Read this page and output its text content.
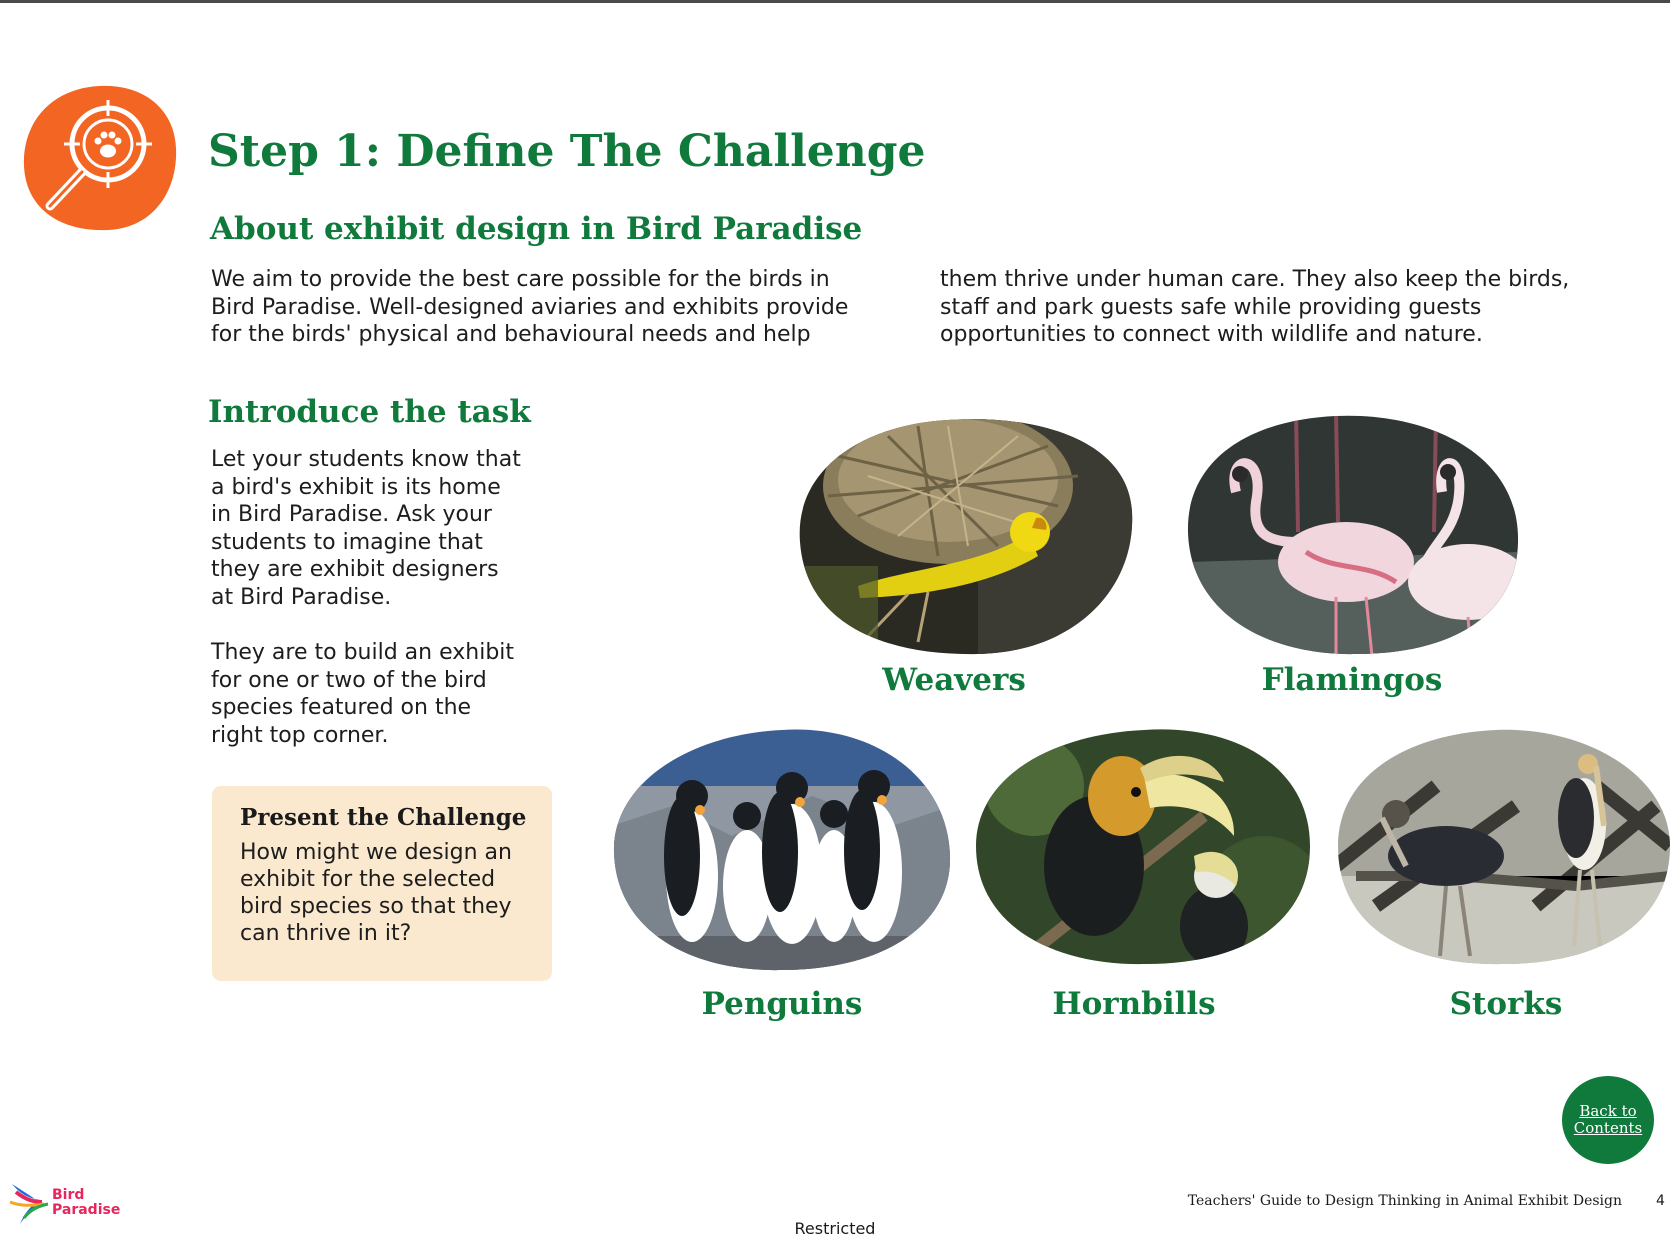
Step 1: Define The Challenge
About exhibit design in Bird Paradise

We aim to provide the best care possible for the birds in
Bird Paradise. Well-designed aviaries and exhibits provide
for the birds' physical and behavioural needs and help

them thrive under human care. They also keep the birds,
staff and park guests safe while providing guests
opportunities to connect with wildlife and nature.

Introduce the task

Let your students know that
a bird's exhibit is its home
in Bird Paradise. Ask your
students to imagine that
they are exhibit designers
at Bird Paradise.

They are to build an exhibit
for one or two of the bird
species featured on the
right top corner.

Present the Challenge

How might we design an
exhibit for the selected
bird species so that they
can thrive in it?

Weavers	Flamingos
Penguins	Hornbills	Storks
Back to
Contents
Bird
Paradise
Teachers' Guide to Design Thinking in Animal Exhibit Design 4
Restricted
